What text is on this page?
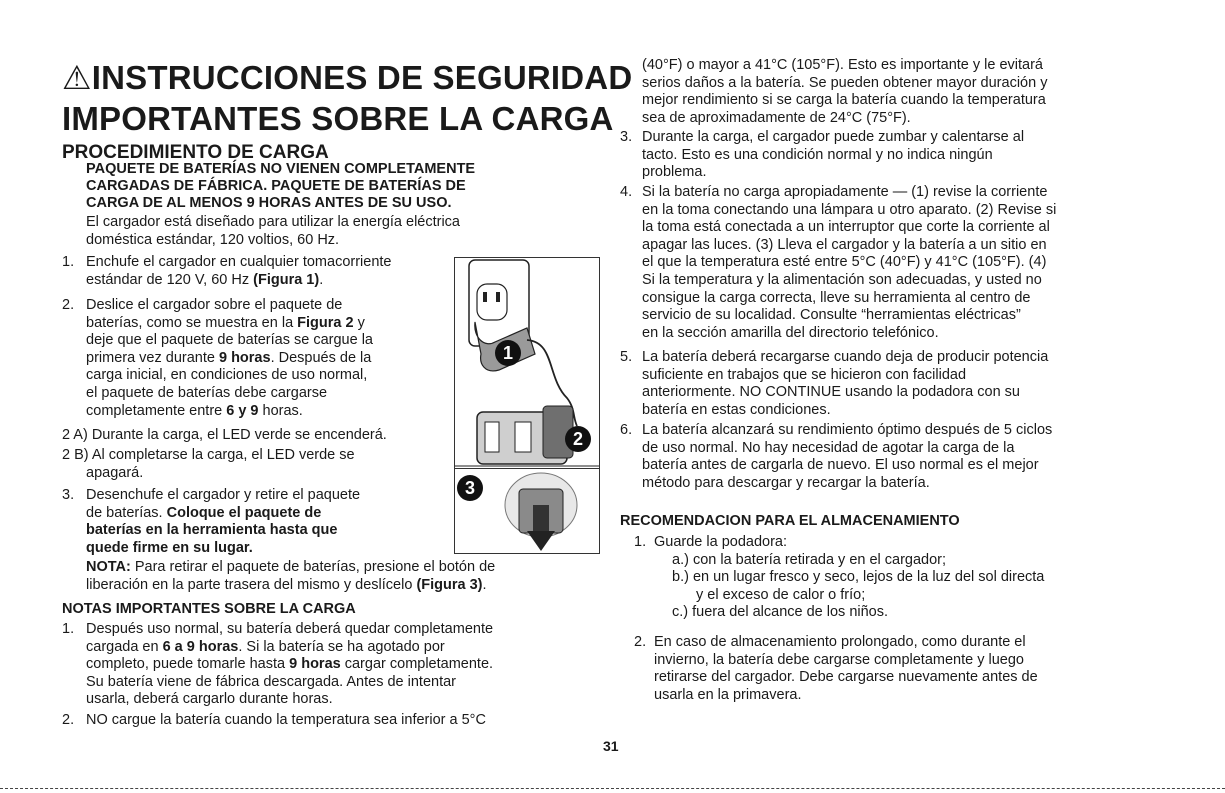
⚠INSTRUCCIONES DE SEGURIDAD
IMPORTANTES SOBRE LA CARGA
PROCEDIMIENTO DE CARGA
PAQUETE DE BATERÍAS NO VIENEN COMPLETAMENTE
CARGADAS DE FÁBRICA. PAQUETE DE BATERÍAS DE
CARGA DE AL MENOS 9 HORAS ANTES DE SU USO.
El cargador está diseñado para utilizar la energía eléctrica
doméstica estándar, 120 voltios, 60 Hz.
1. Enchufe el cargador en cualquier tomacorriente
estándar de 120 V, 60 Hz (Figura 1).
2. Deslice el cargador sobre el paquete de
baterías, como se muestra en la Figura 2 y
deje que el paquete de baterías se cargue la
primera vez durante 9 horas. Después de la
carga inicial, en condiciones de uso normal,
el paquete de baterías debe cargarse
completamente entre 6 y 9 horas.
2 A) Durante la carga, el LED verde se encenderá.
2 B) Al completarse la carga, el LED verde se
apagará.
3. Desenchufe el cargador y retire el paquete
de baterías. Coloque el paquete de
baterías en la herramienta hasta que
quede firme en su lugar.
NOTA: Para retirar el paquete de baterías, presione el botón de
liberación en la parte trasera del mismo y deslícelo (Figura 3).
NOTAS IMPORTANTES SOBRE LA CARGA
1. Después uso normal, su batería deberá quedar completamente
cargada en 6 a 9 horas. Si la batería se ha agotado por
completo, puede tomarle hasta 9 horas cargar completamente.
Su batería viene de fábrica descargada. Antes de intentar
usarla, deberá cargarlo durante horas.
2. NO cargue la batería cuando la temperatura sea inferior a 5°C
1
2
3
(40°F) o mayor a 41°C (105°F). Esto es importante y le evitará
serios daños a la batería. Se pueden obtener mayor duración y
mejor rendimiento si se carga la batería cuando la temperatura
sea de aproximadamente de 24°C (75°F).
3. Durante la carga, el cargador puede zumbar y calentarse al
tacto. Esto es una condición normal y no indica ningún
problema.
4. Si la batería no carga apropiadamente — (1) revise la corriente
en la toma conectando una lámpara u otro aparato. (2) Revise si
la toma está conectada a un interruptor que corte la corriente al
apagar las luces. (3) Lleva el cargador y la batería a un sitio en
el que la temperatura esté entre 5°C (40°F) y 41°C (105°F). (4)
Si la temperatura y la alimentación son adecuadas, y usted no
consigue la carga correcta, lleve su herramienta al centro de
servicio de su localidad. Consulte “herramientas eléctricas”
en la sección amarilla del directorio telefónico.
5. La batería deberá recargarse cuando deja de producir potencia
suficiente en trabajos que se hicieron con facilidad
anteriormente. NO CONTINUE usando la podadora con su
batería en estas condiciones.
6. La batería alcanzará su rendimiento óptimo después de 5 ciclos
de uso normal. No hay necesidad de agotar la carga de la
batería antes de cargarla de nuevo. El uso normal es el mejor
método para descargar y recargar la batería.
RECOMENDACION PARA EL ALMACENAMIENTO
1. Guarde la podadora:
a.) con la batería retirada y en el cargador;
b.) en un lugar fresco y seco, lejos de la luz del sol directa
y el exceso de calor o frío;
c.) fuera del alcance de los niños.
2. En caso de almacenamiento prolongado, como durante el
invierno, la batería debe cargarse completamente y luego
retirarse del cargador. Debe cargarse nuevamente antes de
usarla en la primavera.
31
